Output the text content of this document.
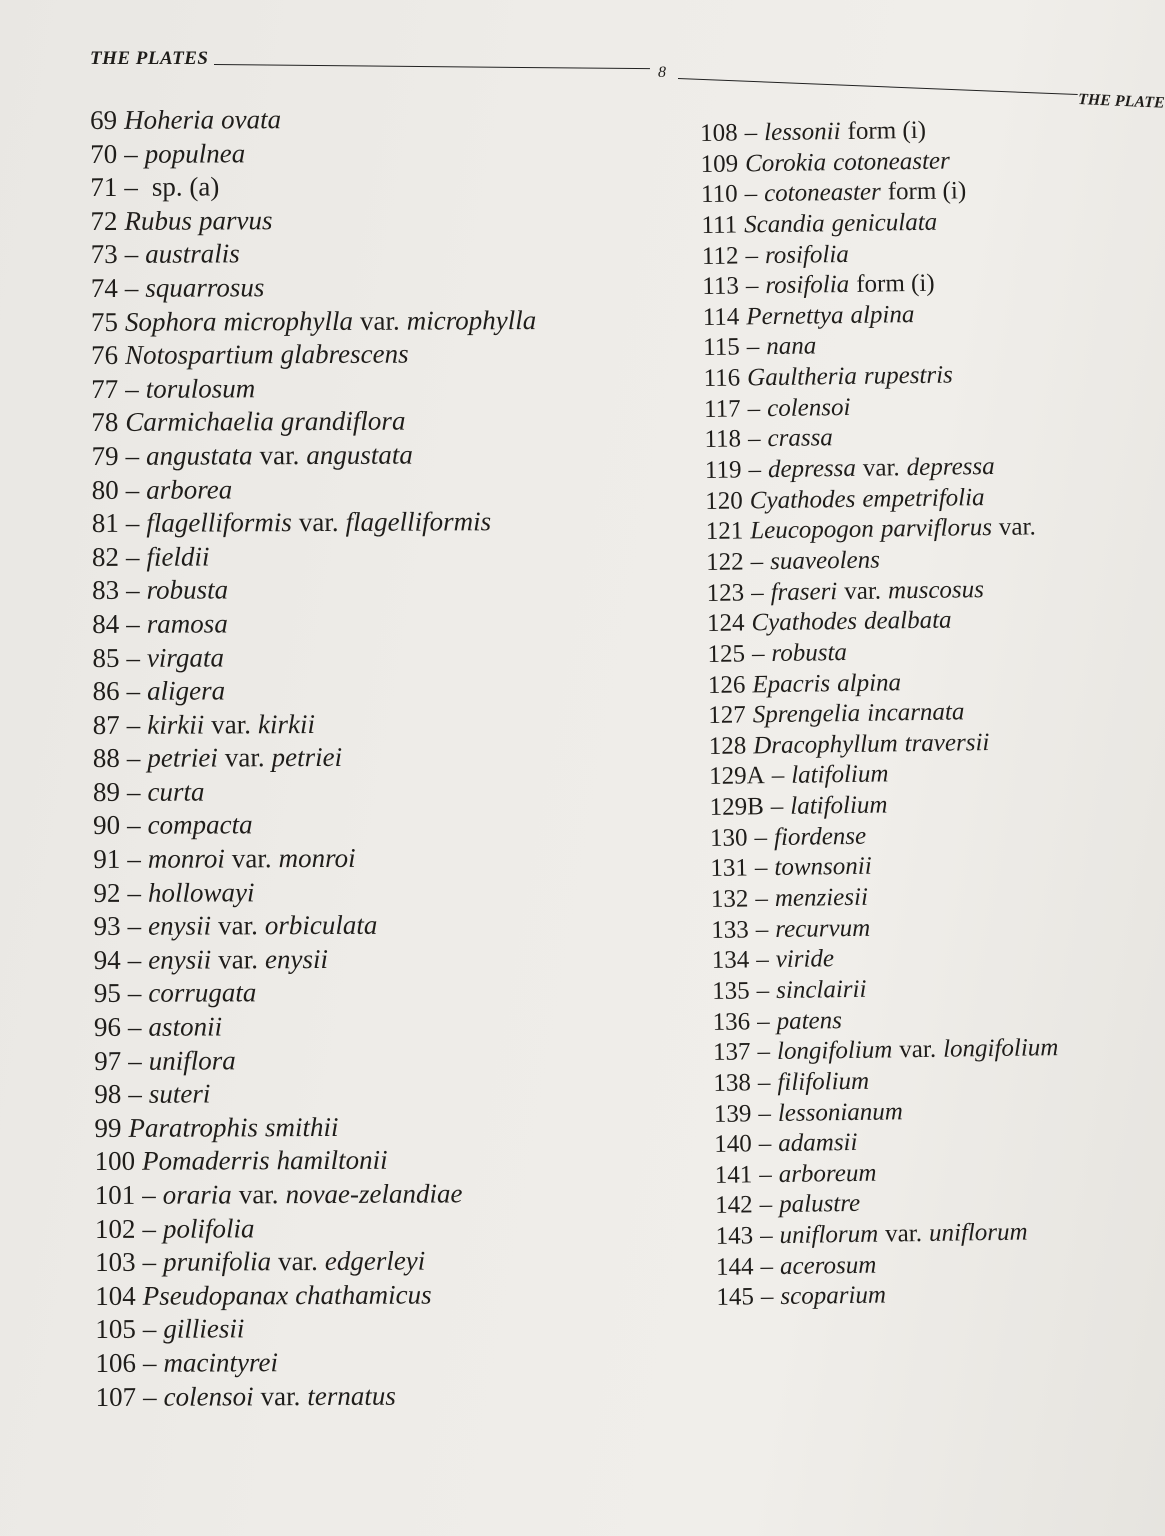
THE PLATES
8
THE PLATE
69 Hoheria ovata
70 – populnea
71 – sp. (a)
72 Rubus parvus
73 – australis
74 – squarrosus
75 Sophora microphylla var. microphylla
76 Notospartium glabrescens
77 – torulosum
78 Carmichaelia grandiflora
79 – angustata var. angustata
80 – arborea
81 – flagelliformis var. flagelliformis
82 – fieldii
83 – robusta
84 – ramosa
85 – virgata
86 – aligera
87 – kirkii var. kirkii
88 – petriei var. petriei
89 – curta
90 – compacta
91 – monroi var. monroi
92 – hollowayi
93 – enysii var. orbiculata
94 – enysii var. enysii
95 – corrugata
96 – astonii
97 – uniflora
98 – suteri
99 Paratrophis smithii
100 Pomaderris hamiltonii
101 – oraria var. novae-zelandiae
102 – polifolia
103 – prunifolia var. edgerleyi
104 Pseudopanax chathamicus
105 – gilliesii
106 – macintyrei
107 – colensoi var. ternatus
108 – lessonii form (i)
109 Corokia cotoneaster
110 – cotoneaster form (i)
111 Scandia geniculata
112 – rosifolia
113 – rosifolia form (i)
114 Pernettya alpina
115 – nana
116 Gaultheria rupestris
117 – colensoi
118 – crassa
119 – depressa var. depressa
120 Cyathodes empetrifolia
121 Leucopogon parviflorus var.
122 – suaveolens
123 – fraseri var. muscosus
124 Cyathodes dealbata
125 – robusta
126 Epacris alpina
127 Sprengelia incarnata
128 Dracophyllum traversii
129A – latifolium
129B – latifolium
130 – fiordense
131 – townsonii
132 – menziesii
133 – recurvum
134 – viride
135 – sinclairii
136 – patens
137 – longifolium var. longifolium
138 – filifolium
139 – lessonianum
140 – adamsii
141 – arboreum
142 – palustre
143 – uniflorum var. uniflorum
144 – acerosum
145 – scoparium
